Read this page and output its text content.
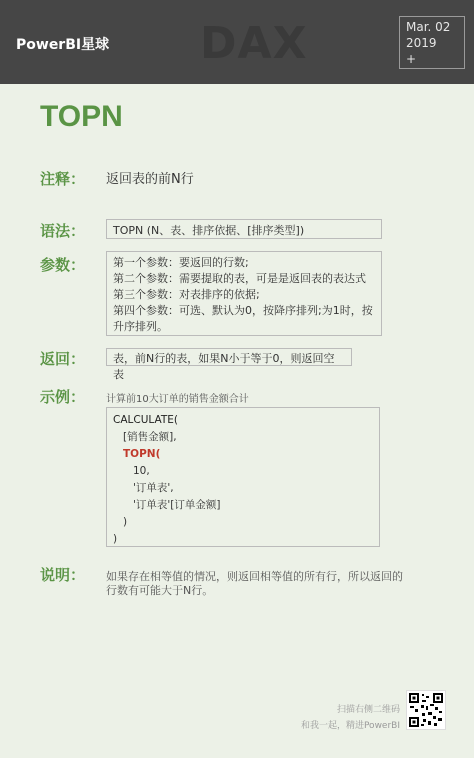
PowerBI星球 DAX	Mar. 02
2019
+
TOPN
注释： 返回表的前N行
语法：	TOPN (N、表、排序依据、[排序类型])
参数：	第一个参数：要返回的行数;
第二个参数：需要提取的表，可是是返回表的表达式
第三个参数：对表排序的依据;
第四个参数：可选、默认为0，按降序排列;为1时，按
升序排列。
返回：	表，前N行的表，如果N小于等于0，则返回空表
示例： 计算前10大订单的销售金额合计
CALCULATE(
[销售金额],
TOPN(
10,
'订单表',
'订单表'[订单金额]
)
)
说明： 如果存在相等值的情况，则返回相等值的所有行，所以返回的
行数有可能大于N行。
扫描右侧二维码
和我一起，精进PowerBI
